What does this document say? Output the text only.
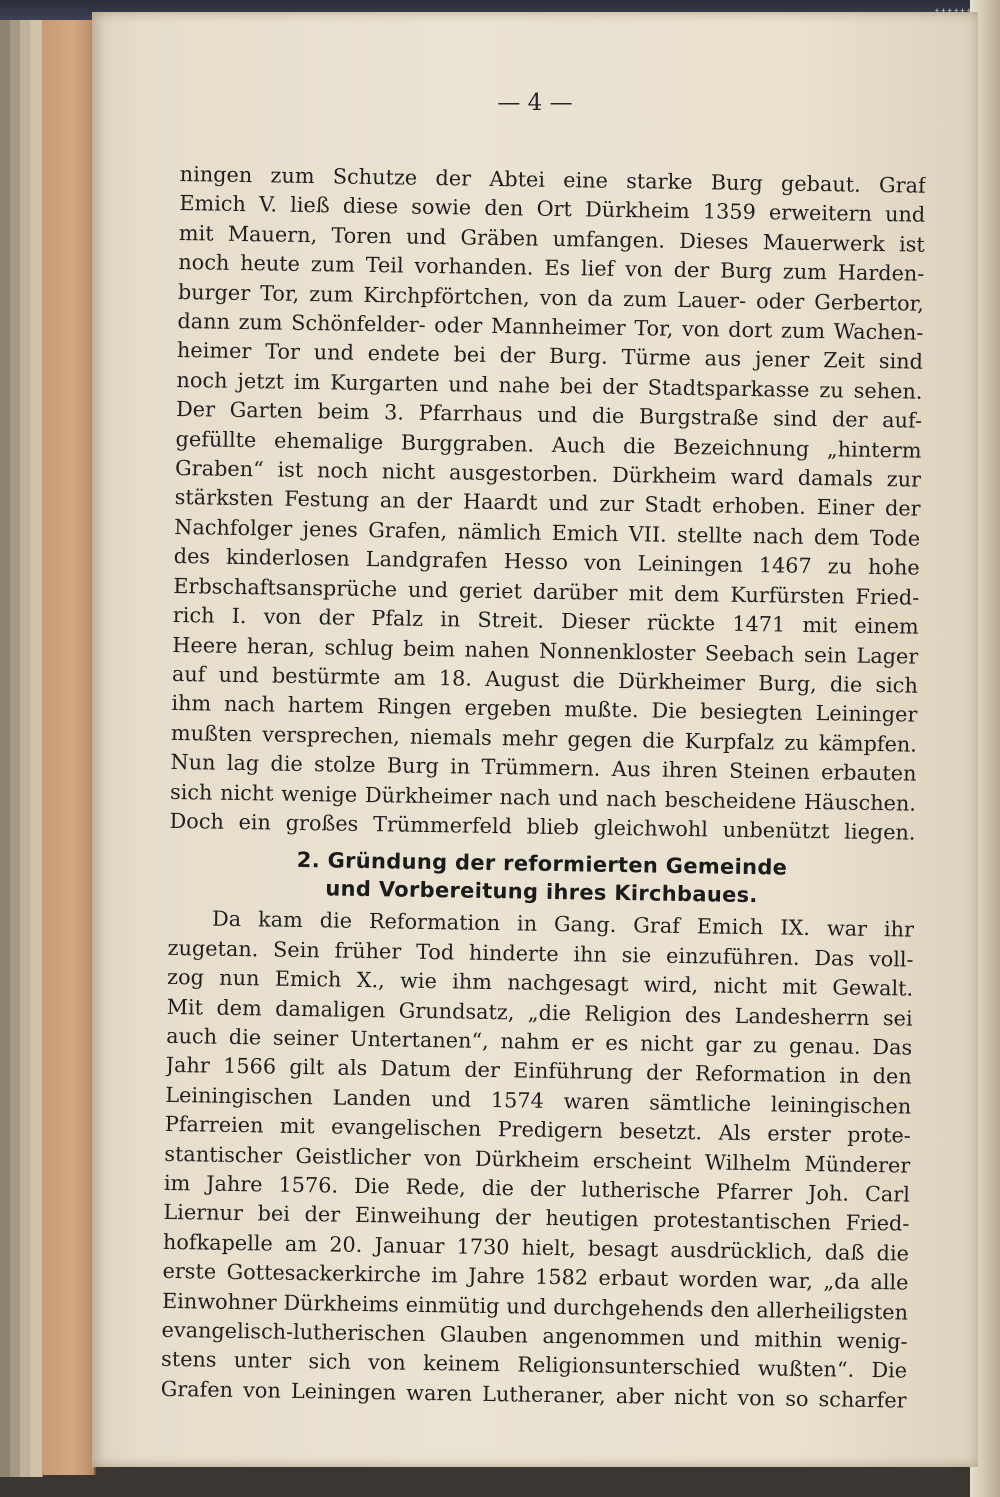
— 4 —

ningen zum Schutze der Abtei eine starke Burg gebaut. Graf
Emich V. ließ diese sowie den Ort Dürkheim 1359 erweitern und
mit Mauern, Toren und Gräben umfangen. Dieses Mauerwerk ist
noch heute zum Teil vorhanden. Es lief von der Burg zum Harden-
burger Tor, zum Kirchpförtchen, von da zum Lauer- oder Gerbertor,
dann zum Schönfelder- oder Mannheimer Tor, von dort zum Wachen-
heimer Tor und endete bei der Burg. Türme aus jener Zeit sind
noch jetzt im Kurgarten und nahe bei der Stadtsparkasse zu sehen.
Der Garten beim 3. Pfarrhaus und die Burgstraße sind der auf-
gefüllte ehemalige Burggraben. Auch die Bezeichnung „hinterm
Graben“ ist noch nicht ausgestorben. Dürkheim ward damals zur
stärksten Festung an der Haardt und zur Stadt erhoben. Einer der
Nachfolger jenes Grafen, nämlich Emich VII. stellte nach dem Tode
des kinderlosen Landgrafen Hesso von Leiningen 1467 zu hohe
Erbschaftsansprüche und geriet darüber mit dem Kurfürsten Fried-
rich I. von der Pfalz in Streit. Dieser rückte 1471 mit einem
Heere heran, schlug beim nahen Nonnenkloster Seebach sein Lager
auf und bestürmte am 18. August die Dürkheimer Burg, die sich
ihm nach hartem Ringen ergeben mußte. Die besiegten Leininger
mußten versprechen, niemals mehr gegen die Kurpfalz zu kämpfen.
Nun lag die stolze Burg in Trümmern. Aus ihren Steinen erbauten
sich nicht wenige Dürkheimer nach und nach bescheidene Häuschen.
Doch ein großes Trümmerfeld blieb gleichwohl unbenützt liegen.

2. Gründung der reformierten Gemeinde
und Vorbereitung ihres Kirchbaues.

Da kam die Reformation in Gang. Graf Emich IX. war ihr
zugetan. Sein früher Tod hinderte ihn sie einzuführen. Das voll-
zog nun Emich X., wie ihm nachgesagt wird, nicht mit Gewalt.
Mit dem damaligen Grundsatz, „die Religion des Landesherrn sei
auch die seiner Untertanen“, nahm er es nicht gar zu genau. Das
Jahr 1566 gilt als Datum der Einführung der Reformation in den
Leiningischen Landen und 1574 waren sämtliche leiningischen
Pfarreien mit evangelischen Predigern besetzt. Als erster prote-
stantischer Geistlicher von Dürkheim erscheint Wilhelm Münderer
im Jahre 1576. Die Rede, die der lutherische Pfarrer Joh. Carl
Liernur bei der Einweihung der heutigen protestantischen Fried-
hofkapelle am 20. Januar 1730 hielt, besagt ausdrücklich, daß die
erste Gottesackerkirche im Jahre 1582 erbaut worden war, „da alle
Einwohner Dürkheims einmütig und durchgehends den allerheiligsten
evangelisch-lutherischen Glauben angenommen und mithin wenig-
stens unter sich von keinem Religionsunterschied wußten“. Die
Grafen von Leiningen waren Lutheraner, aber nicht von so scharfer
